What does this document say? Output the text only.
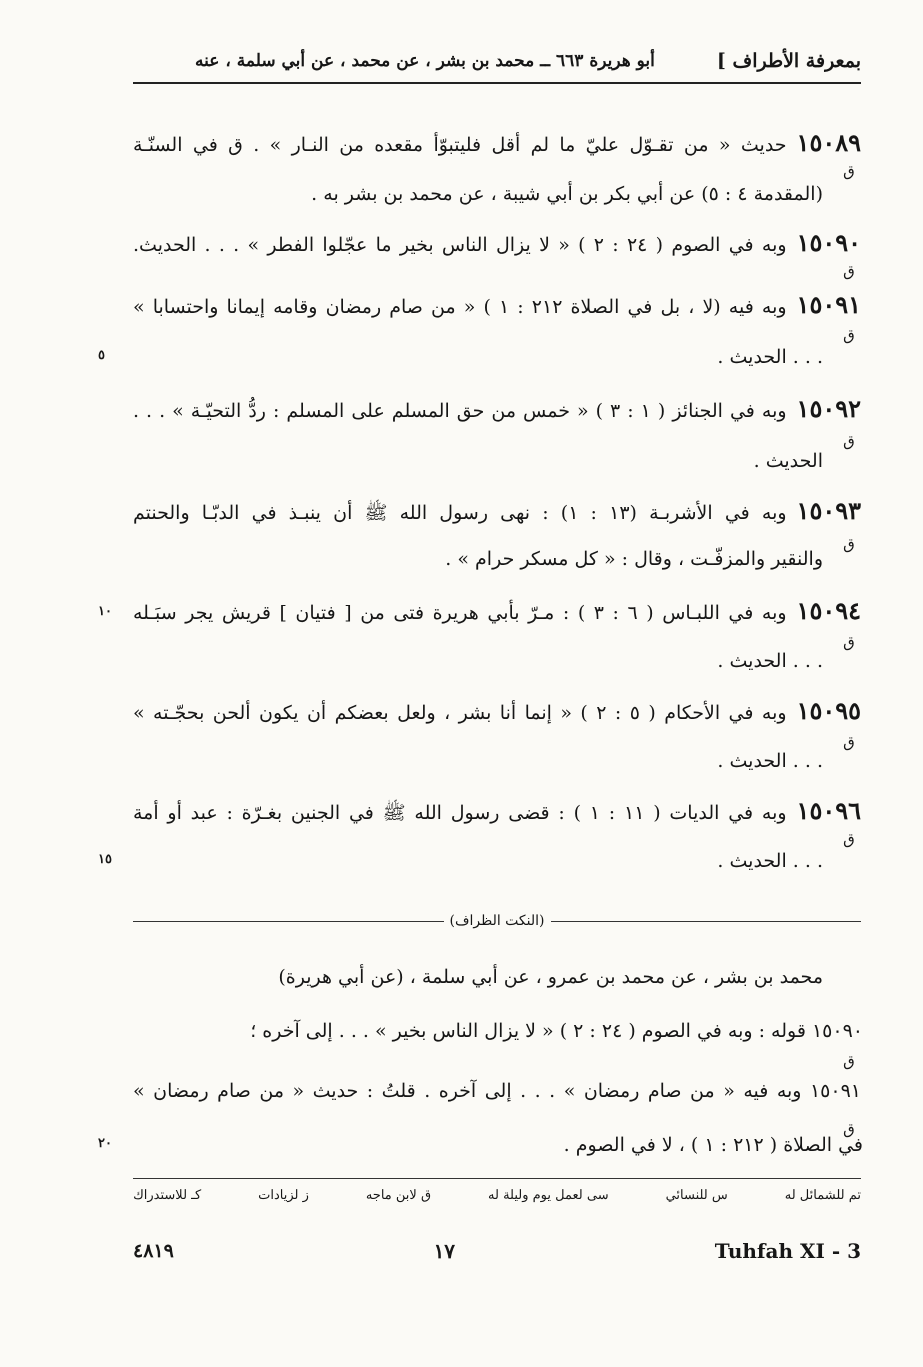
بمعرفة الأطراف ]
أبو هريرة ٦٦٣ ــ محمد بن بشر ، عن محمد ، عن أبي سلمة ، عنه
١٥٠٨٩حديث « من تقـوّل عليّ ما لم أقل فليتبوّأ مقعده من النـار » . ق في السنّـة
ق
(المقدمة ٤ : ٥) عن أبي بكر بن أبي شيبة ، عن محمد بن بشر به .
١٥٠٩٠وبه في الصوم ( ٢٤ : ٢ ) « لا يزال الناس بخير ما عجّلوا الفطر » . . . الحديث.
ق
١٥٠٩١وبه فيه (لا ، بل في الصلاة ٢١٢ : ١ ) « من صام رمضان وقامه إيمانا واحتسابا »
ق
. . . الحديث .
٥
١٥٠٩٢وبه في الجنائز ( ١ : ٣ ) « خمس من حق المسلم على المسلم : ردُّ التحيّـة » . . .
ق
الحديث .
١٥٠٩٣وبه في الأشربـة (١٣ : ١) : نهى رسول الله ﷺ أن ينبـذ في الدبّـا والحنتم
ق
والنقير والمزفّـت ، وقال : « كل مسكر حرام » .
١٥٠٩٤وبه في اللبـاس ( ٦ : ٣ ) : مـرّ بأبي هريرة فتى من [ فتيان ] قريش يجر سبَـله
١٠
ق
. . . الحديث .
١٥٠٩٥وبه في الأحكام ( ٥ : ٢ ) « إنما أنا بشر ، ولعل بعضكم أن يكون ألحن بحجّـته »
ق
. . . الحديث .
١٥٠٩٦وبه في الديات ( ١١ : ١ ) : قضى رسول الله ﷺ في الجنين بغـرّة : عبد أو أمة
ق
. . . الحديث .
١٥
(النكت الظراف)
محمد بن بشر ، عن محمد بن عمرو ، عن أبي سلمة ، (عن أبي هريرة)
١٥٠٩٠ قوله : وبه في الصوم ( ٢٤ : ٢ ) « لا يزال الناس بخير » . . . إلى آخره ؛
ق
١٥٠٩١ وبه فيه « من صام رمضان » . . . إلى آخره . قلتُ : حديث « من صام رمضان »
ق
في الصلاة ( ٢١٢ : ١ ) ، لا في الصوم .
٢٠
تم للشمائل له
س للنسائي
سى لعمل يوم وليلة له
ق لابن ماجه
ز لزيادات
كـ للاستدراك
٤٨١٩	١٧	Tuhfah XI - 3
